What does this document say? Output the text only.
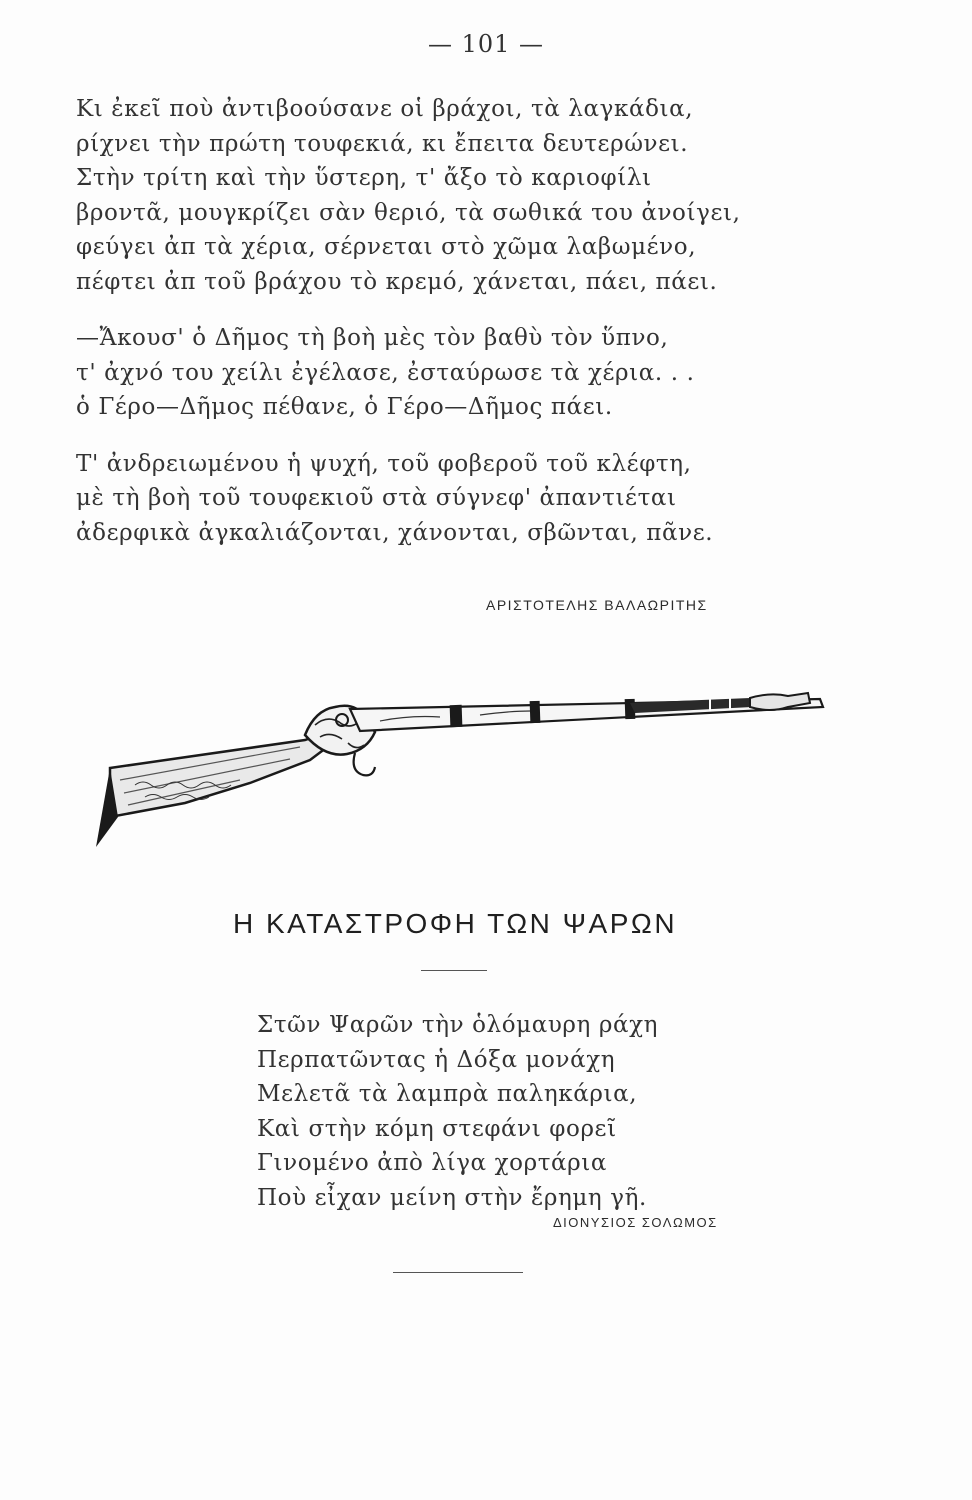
— 101 —
Κι ἐκεῖ ποὺ ἀντιβοούσανε οἱ βράχοι, τὰ λαγκάδια,
ρίχνει τὴν πρώτη τουφεκιά, κι ἔπειτα δευτερώνει.
Στὴν τρίτη καὶ τὴν ὕστερη, τ' ἄξο τὸ καριοφίλι
βροντᾶ, μουγκρίζει σὰν θεριό, τὰ σωθικά του ἀνοίγει,
φεύγει ἀπ τὰ χέρια, σέρνεται στὸ χῶμα λαβωμένο,
πέφτει ἀπ τοῦ βράχου τὸ κρεμό, χάνεται, πάει, πάει.
—Ἄκουσ' ὁ Δῆμος τὴ βοὴ μὲς τὸν βαθὺ τὸν ὕπνο,
τ' ἀχνό του χείλι ἐγέλασε, ἐσταύρωσε τὰ χέρια. . .
ὁ Γέρο—Δῆμος πέθανε, ὁ Γέρο—Δῆμος πάει.
Τ' ἀνδρειωμένου ἡ ψυχή, τοῦ φοβεροῦ τοῦ κλέφτη,
μὲ τὴ βοὴ τοῦ τουφεκιοῦ στὰ σύγνεφ' ἀπαντιέται
ἀδερφικὰ ἀγκαλιάζονται, χάνονται, σβῶνται, πᾶνε.
ΑΡΙΣΤΟΤΕΛΗΣ ΒΑΛΑΩΡΙΤΗΣ
Η ΚΑΤΑΣΤΡΟΦΗ ΤΩΝ ΨΑΡΩΝ
Στῶν Ψαρῶν τὴν ὁλόμαυρη ράχη
Περπατῶντας ἡ Δόξα μονάχη
Μελετᾶ τὰ λαμπρὰ παληκάρια,
Καὶ στὴν κόμη στεφάνι φορεῖ
Γινομένο ἀπὸ λίγα χορτάρια
Ποὺ εἶχαν μείνη στὴν ἔρημη γῆ.
ΔΙΟΝΥΣΙΟΣ ΣΟΛΩΜΟΣ
